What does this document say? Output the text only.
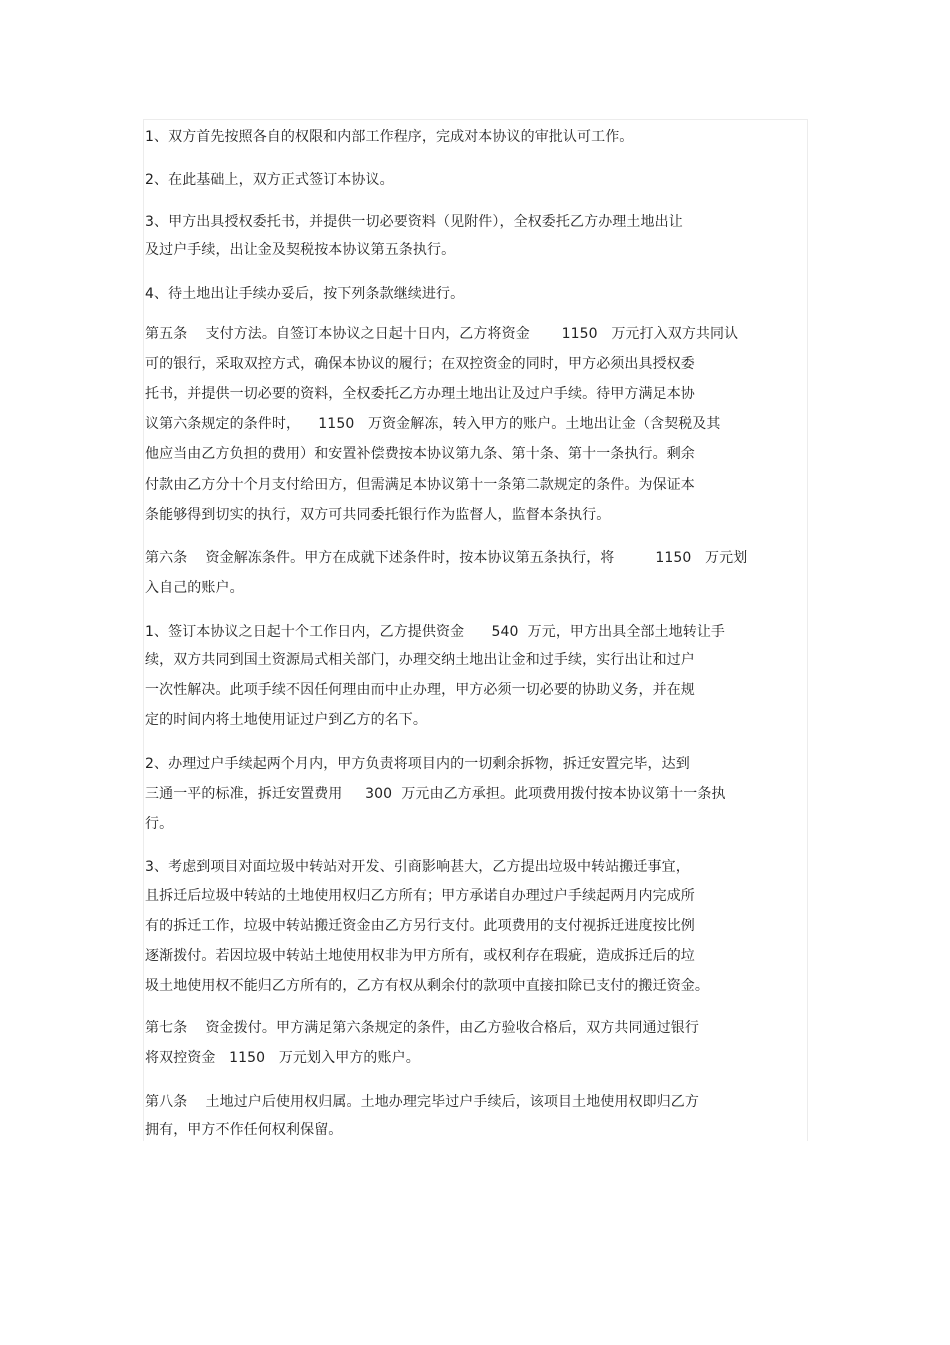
1、双方首先按照各自的权限和内部工作程序，完成对本协议的审批认可工作。
2、在此基础上，双方正式签订本协议。
3、甲方出具授权委托书，并提供一切必要资料（见附件），全权委托乙方办理土地出让
及过户手续，出让金及契税按本协议第五条执行。
4、待土地出让手续办妥后，按下列条款继续进行。
第五条    支付方法。自签订本协议之日起十日内，乙方将资金       1150   万元打入双方共同认
可的银行，采取双控方式，确保本协议的履行；在双控资金的同时，甲方必须出具授权委
托书，并提供一切必要的资料，全权委托乙方办理土地出让及过户手续。待甲方满足本协
议第六条规定的条件时，    1150   万资金解冻，转入甲方的账户。土地出让金（含契税及其
他应当由乙方负担的费用）和安置补偿费按本协议第九条、第十条、第十一条执行。剩余
付款由乙方分十个月支付给田方，但需满足本协议第十一条第二款规定的条件。为保证本
条能够得到切实的执行，双方可共同委托银行作为监督人，监督本条执行。
第六条    资金解冻条件。甲方在成就下述条件时，按本协议第五条执行，将         1150   万元划
入自己的账户。
1、签订本协议之日起十个工作日内，乙方提供资金      540  万元，甲方出具全部土地转让手
续，双方共同到国土资源局式相关部门，办理交纳土地出让金和过手续，实行出让和过户
一次性解决。此项手续不因任何理由而中止办理，甲方必须一切必要的协助义务，并在规
定的时间内将土地使用证过户到乙方的名下。
2、办理过户手续起两个月内，甲方负责将项目内的一切剩余拆物，拆迁安置完毕，达到
三通一平的标准，拆迁安置费用     300  万元由乙方承担。此项费用拨付按本协议第十一条执
行。
3、考虑到项目对面垃圾中转站对开发、引商影响甚大，乙方提出垃圾中转站搬迁事宜，
且拆迁后垃圾中转站的土地使用权归乙方所有；甲方承诺自办理过户手续起两月内完成所
有的拆迁工作，垃圾中转站搬迁资金由乙方另行支付。此项费用的支付视拆迁进度按比例
逐渐拨付。若因垃圾中转站土地使用权非为甲方所有，或权利存在瑕疵，造成拆迁后的垃
圾土地使用权不能归乙方所有的，乙方有权从剩余付的款项中直接扣除已支付的搬迁资金。
第七条    资金拨付。甲方满足第六条规定的条件，由乙方验收合格后，双方共同通过银行
将双控资金   1150   万元划入甲方的账户。
第八条    土地过户后使用权归属。土地办理完毕过户手续后，该项目土地使用权即归乙方
拥有，甲方不作任何权利保留。
